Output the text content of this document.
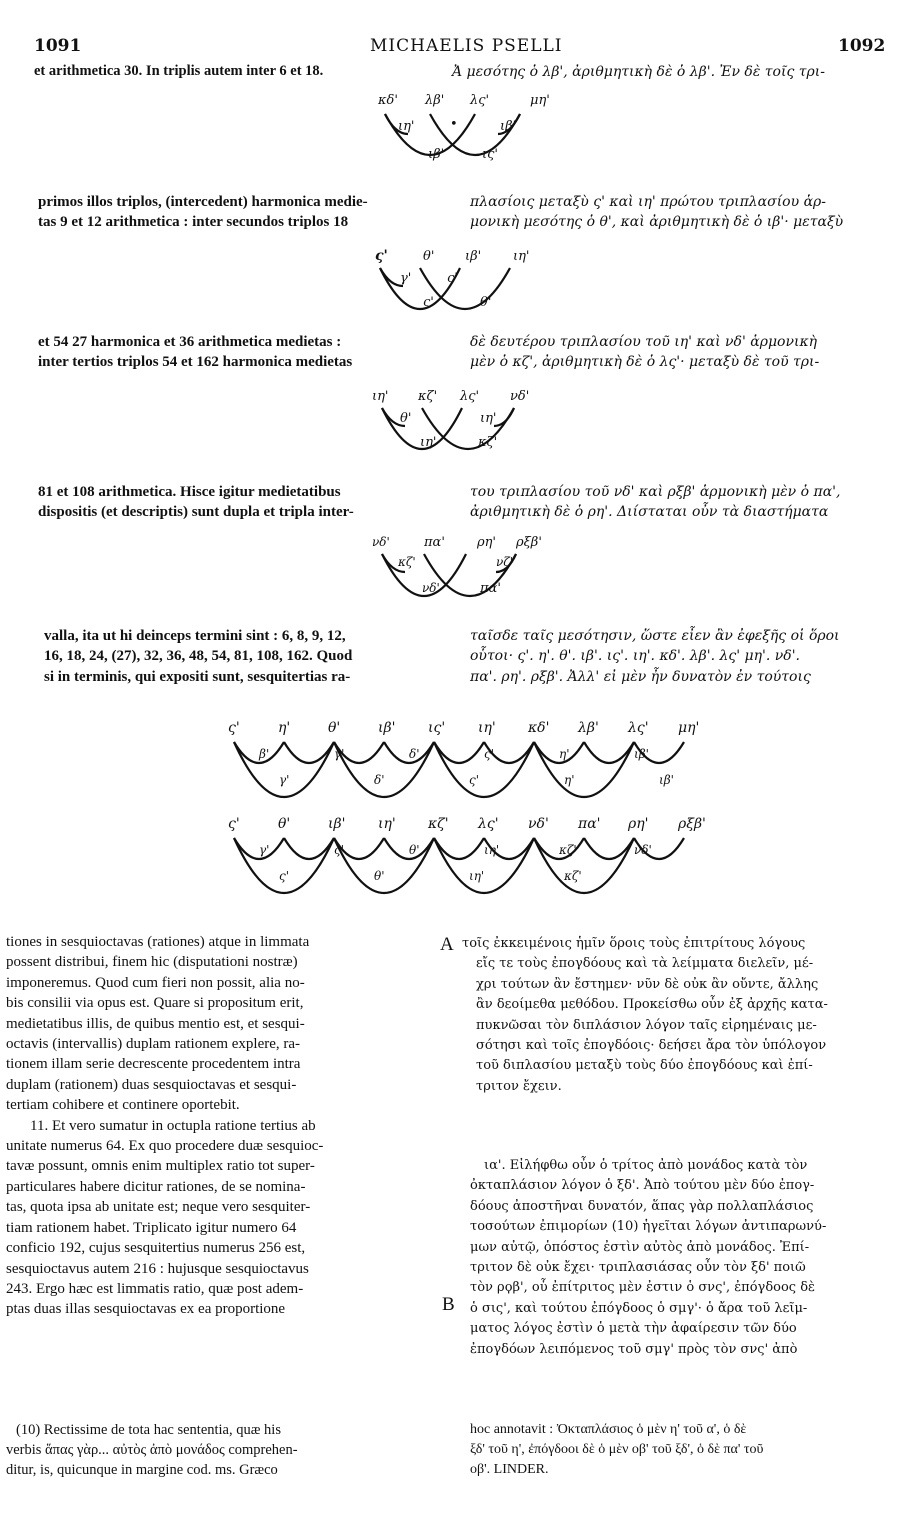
1091	MICHAELIS PSELLI	1092
et arithmetica 30. In triplis autem inter 6 et 18.	Ἀ μεσότης ὁ λβ', ἀριθμητικὴ δὲ ὁ λβ'. Ἐν δὲ τοῖς τρι-
κδ' λβ' λς'	μη'
ιη'	•	ιβ'
ιβ'	ις'
primos illos triplos, (intercedent) harmonica medie-
tas 9 et 12 arithmetica : inter secundos triplos 18
πλασίοις μεταξὺ ς' καὶ ιη' πρώτου τριπλασίου ἁρ-
μονικὴ μεσότης ὁ θ', καὶ ἀριθμητικὴ δὲ ὁ ιβ'· μεταξὺ
ς'	θ' ιβ' ιη'
γ'	ς'
ς'	θ'
et 54 27 harmonica et 36 arithmetica medietas :
inter tertios triplos 54 et 162 harmonica medietas
δὲ δευτέρου τριπλασίου τοῦ ιη' καὶ νδ' ἁρμονικὴ
μὲν ὁ κζ', ἀριθμητικὴ δὲ ὁ λς'· μεταξὺ δὲ τοῦ τρι-
ιη' κζ' λς' νδ'
θ'	ιη'
ιη'	κζ'
81 et 108 arithmetica. Hisce igitur medietatibus
dispositis (et descriptis) sunt dupla et tripla inter-
του τριπλασίου τοῦ νδ' καὶ ρξβ' ἁρμονικὴ μὲν ὁ πα',
ἀριθμητικὴ δὲ ὁ ρη'. Διίσταται οὖν τὰ διαστήματα
νδ'	πα' ρη' ρξβ'
κζ'	νζ'
νδ'	πα'
valla, ita ut hi deinceps termini sint : 6, 8, 9, 12,
16, 18, 24, (27), 32, 36, 48, 54, 81, 108, 162. Quod
si in terminis, qui expositi sunt, sesquitertias ra-
ταῖσδε ταῖς μεσότησιν, ὥστε εἶεν ἂν ἐφεξῆς οἱ ὅροι
οὗτοι· ς'. η'. θ'. ιβ'. ις'. ιη'. κδ'. λβ'. λς' μη'. νδ'.
πα'. ρη'. ρξβ'. Ἀλλ' εἰ μὲν ἦν δυνατὸν ἐν τούτοις
ς'	η'	θ'	ιβ' ις' ιη' κδ' λβ' λς' μη'
β'	γ'	δ'	ς'	η'	ιβ'
γ'	δ'	ς'	η'	ιβ'
ς'	θ'	ιβ' ιη' κζ' λς' νδ' πα' ρη' ρξβ'
γ'	ς'	θ'	ιη'	κζ'	νδ'
ς'	θ'	ιη'	κζ'
tiones in sesquioctavas (rationes) atque in limmata
possent distribui, finem hic (disputationi nostræ)
imponeremus. Quod cum fieri non possit, alia no-
bis consilii via opus est. Quare si propositum erit,
medietatibus illis, de quibus mentio est, et sesqui-
octavis (intervallis) duplam rationem explere, ra-
tionem illam serie decrescente procedentem intra
duplam (rationem) duas sesquioctavas et sesqui-
tertiam cohibere et continere oportebit.
11. Et vero sumatur in octupla ratione tertius ab
unitate numerus 64. Ex quo procedere duæ sesquioc-
tavæ possunt, omnis enim multiplex ratio tot super-
particulares habere dicitur rationes, de se nomina-
tas, quota ipsa ab unitate est; neque vero sesquiter-
tiam rationem habet. Triplicato igitur numero 64
conficio 192, cujus sesquitertius numerus 256 est,
sesquioctavus autem 216 : hujusque sesquioctavus
243. Ergo hæc est limmatis ratio, quæ post adem-
ptas duas illas sesquioctavas ex ea proportione
A
B
τοῖς ἐκκειμένοις ἡμῖν ὅροις τοὺς ἐπιτρίτους λόγους
εἴς τε τοὺς ἐπογδόους καὶ τὰ λείμματα διελεῖν, μέ-
χρι τούτων ἂν ἔστημεν· νῦν δὲ οὐκ ἂν οὔντε, ἄλλης
ἂν δεοίμεθα μεθόδου. Προκείσθω οὖν ἐξ ἀρχῆς κατα-
πυκνῶσαι τὸν διπλάσιον λόγον ταῖς εἰρημέναις με-
σότησι καὶ τοῖς ἐπογδόοις· δεήσει ἄρα τὸν ὑπόλογον
τοῦ διπλασίου μεταξὺ τοὺς δύο ἐπογδόους καὶ ἐπί-
τριτον ἔχειν.
ια'. Εἰλήφθω οὖν ὁ τρίτος ἀπὸ μονάδος κατὰ τὸν
ὀκταπλάσιον λόγον ὁ ξδ'. Ἀπὸ τούτου μὲν δύο ἐπογ-
δόους ἀποστῆναι δυνατόν, ἅπας γὰρ πολλαπλάσιος
τοσούτων ἐπιμορίων (10) ἡγεῖται λόγων ἀντιπαρωνύ-
μων αὐτῷ, ὁπόστος ἐστὶν αὐτὸς ἀπὸ μονάδος. Ἐπί-
τριτον δὲ οὐκ ἔχει· τριπλασιάσας οὖν τὸν ξδ' ποιῶ
τὸν ρϙβ', οὗ ἐπίτριτος μὲν ἐστιν ὁ σνς', ἐπόγδοος δὲ
ὁ σις', καὶ τούτου ἐπόγδοος ὁ σμγ'· ὁ ἄρα τοῦ λεῖμ-
ματος λόγος ἐστὶν ὁ μετὰ τὴν ἀφαίρεσιν τῶν δύο
ἐπογδόων λειπόμενος τοῦ σμγ' πρὸς τὸν σνς' ἀπὸ
(10) Rectissime de tota hac sententia, quæ his
verbis ἅπας γὰρ... αὐτὸς ἀπὸ μονάδος comprehen-
ditur, is, quicunque in margine cod. ms. Græco
hoc annotavit : Ὀκταπλάσιος ὁ μὲν η' τοῦ α', ὁ δὲ
ξδ' τοῦ η', ἐπόγδοοι δὲ ὁ μὲν οβ' τοῦ ξδ', ὁ δὲ πα' τοῦ
οβ'. LINDER.
